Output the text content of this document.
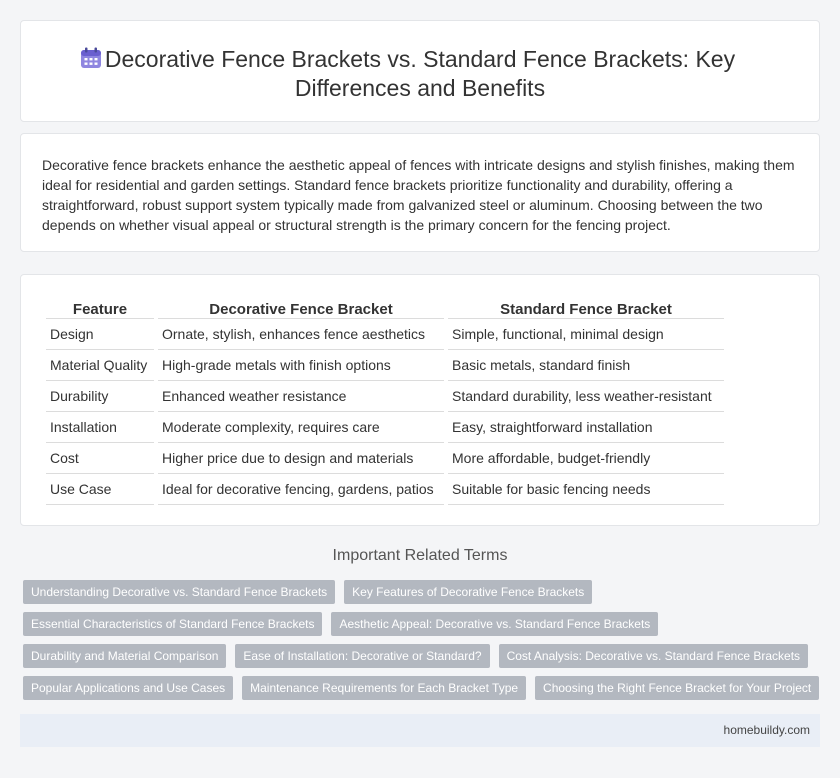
Decorative Fence Brackets vs. Standard Fence Brackets: Key Differences and Benefits

Decorative fence brackets enhance the aesthetic appeal of fences with intricate designs and stylish finishes, making them ideal for residential and garden settings. Standard fence brackets prioritize functionality and durability, offering a straightforward, robust support system typically made from galvanized steel or aluminum. Choosing between the two depends on whether visual appeal or structural strength is the primary concern for the fencing project.

Feature	Decorative Fence Bracket	Standard Fence Bracket
Design	Ornate, stylish, enhances fence aesthetics	Simple, functional, minimal design
Material Quality	High-grade metals with finish options	Basic metals, standard finish
Durability	Enhanced weather resistance	Standard durability, less weather-resistant
Installation	Moderate complexity, requires care	Easy, straightforward installation
Cost	Higher price due to design and materials	More affordable, budget-friendly
Use Case	Ideal for decorative fencing, gardens, patios	Suitable for basic fencing needs
Important Related Terms
Understanding Decorative vs. Standard Fence Brackets	Key Features of Decorative Fence Brackets
Essential Characteristics of Standard Fence Brackets	Aesthetic Appeal: Decorative vs. Standard Fence Brackets
Durability and Material Comparison	Ease of Installation: Decorative or Standard?	Cost Analysis: Decorative vs. Standard Fence Brackets
Popular Applications and Use Cases	Maintenance Requirements for Each Bracket Type	Choosing the Right Fence Bracket for Your Project
homebuildy.com
